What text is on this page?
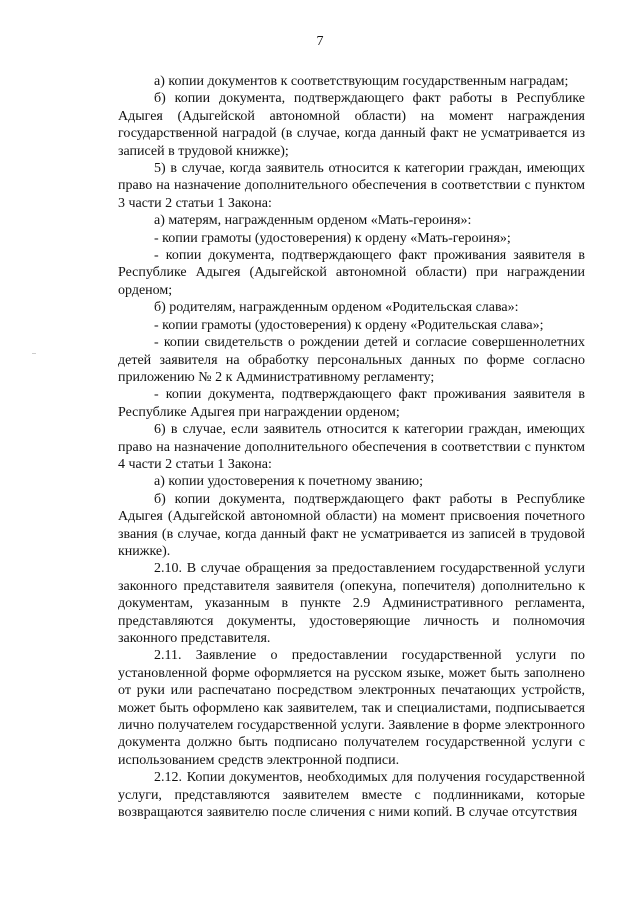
7

а) копии документов к соответствующим государственным наградам;

б) копии документа, подтверждающего факт работы в Республике Адыгея (Адыгейской автономной области) на момент награждения государственной наградой (в случае, когда данный факт не усматривается из записей в трудовой книжке);

5) в случае, когда заявитель относится к категории граждан, имеющих право на назначение дополнительного обеспечения в соответствии с пунктом 3 части 2 статьи 1 Закона:

а) матерям, награжденным орденом «Мать-героиня»:

- копии грамоты (удостоверения) к ордену «Мать-героиня»;

- копии документа, подтверждающего факт проживания заявителя в Республике Адыгея (Адыгейской автономной области) при награждении орденом;

б) родителям, награжденным орденом «Родительская слава»:

- копии грамоты (удостоверения) к ордену «Родительская слава»;

- копии свидетельств о рождении детей и согласие совершеннолетних детей заявителя на обработку персональных данных по форме согласно приложению № 2 к Административному регламенту;

- копии документа, подтверждающего факт проживания заявителя в Республике Адыгея при награждении орденом;

6) в случае, если заявитель относится к категории граждан, имеющих право на назначение дополнительного обеспечения в соответствии с пунктом 4 части 2 статьи 1 Закона:

а) копии удостоверения к почетному званию;

б) копии документа, подтверждающего факт работы в Республике Адыгея (Адыгейской автономной области) на момент присвоения почетного звания (в случае, когда данный факт не усматривается из записей в трудовой книжке).

2.10. В случае обращения за предоставлением государственной услуги законного представителя заявителя (опекуна, попечителя) дополнительно к документам, указанным в пункте 2.9 Административного регламента, представляются документы, удостоверяющие личность и полномочия законного представителя.

2.11. Заявление о предоставлении государственной услуги по установленной форме оформляется на русском языке, может быть заполнено от руки или распечатано посредством электронных печатающих устройств, может быть оформлено как заявителем, так и специалистами, подписывается лично получателем государственной услуги. Заявление в форме электронного документа должно быть подписано получателем государственной услуги с использованием средств электронной подписи.

2.12. Копии документов, необходимых для получения государственной услуги, представляются заявителем вместе с подлинниками, которые возвращаются заявителю после сличения с ними копий. В случае отсутствия
